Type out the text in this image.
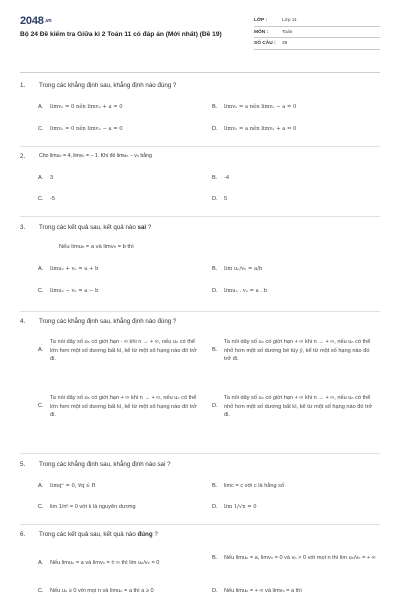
2048.vn
Bộ 24 Đề kiểm tra Giữa kì 2 Toán 11 có đáp án (Mới nhất) (Đề 19)
LỚP :	Lớp 11
MÔN :	Toán
SỐ CÂU :	39
1.	Trong các khẳng định sau, khẳng định nào đúng ?
A.	limvₙ = 0 nên limvₙ + a = 0	B.	limvₙ = a nên limvₙ − a = 0
C.	limvₙ = 0 nên limvₙ − a = 0	D.	limvₙ = a nên limvₙ + a = 0
2.	Cho limuₙ = 4, limvₙ = − 1. Khi đó limuₙ − vₙ bằng
A.	3	B.	-4
C.	-5	D.	5
3.	Trong các kết quả sau, kết quả nào sai ?
Nếu limuₙ = a và limvₙ = b thì
A.	limuₙ + vₙ = a + b	B.	lim uₙ/vₙ = a/b
C.	limuₙ − vₙ = a − b	D.	limuₙ . vₙ = a . b
4.	Trong các khẳng định sau, khẳng định nào đúng ?
A.
Ta nói dãy số uₙ có giới hạn - ∞ khi n → + ∞, nếu uₙ có thể lớn hơn một số dương bất kì, kể từ một số hạng nào đó trở đi.
B.
Ta nói dãy số uₙ có giới hạn + ∞ khi n → + ∞, nếu uₙ có thể nhỏ hơn một số dương bé tùy ý, kể từ một số hạng nào đó trở đi.
C.
Ta nói dãy số uₙ có giới hạn + ∞ khi n → + ∞, nếu uₙ có thể lớn hơn một số dương bất kì, kể từ một số hạng nào đó trở đi.
D.
Ta nói dãy số uₙ có giới hạn + ∞ khi n → + ∞, nếu uₙ có thể nhỏ hơn một số dương bất kì, kể từ một số hạng nào đó trở đi.
5.	Trong các khẳng định sau, khẳng định nào sai ?
A.	limqⁿ = 0, ∀q ∈ R	B.	limc = c với c là hằng số
C.	lim 1/nᵏ = 0 với k là nguyên dương	D.	lim 1/√n = 0
6.	Trong các kết quả sau, kết quả nào đúng ?
A.	Nếu limuₙ = a và limvₙ = ± ∞ thì lim uₙ/vₙ = 0
B.	Nếu limuₙ = a, limvₙ = 0 và vₙ > 0 với mọi n thì lim uₙ/vₙ = + ∞
C.	Nếu uₙ ≥ 0 với mọi n và limuₙ = a thì a ≥ 0	D.	Nếu limuₙ = + ∞ và limvₙ = a thì
